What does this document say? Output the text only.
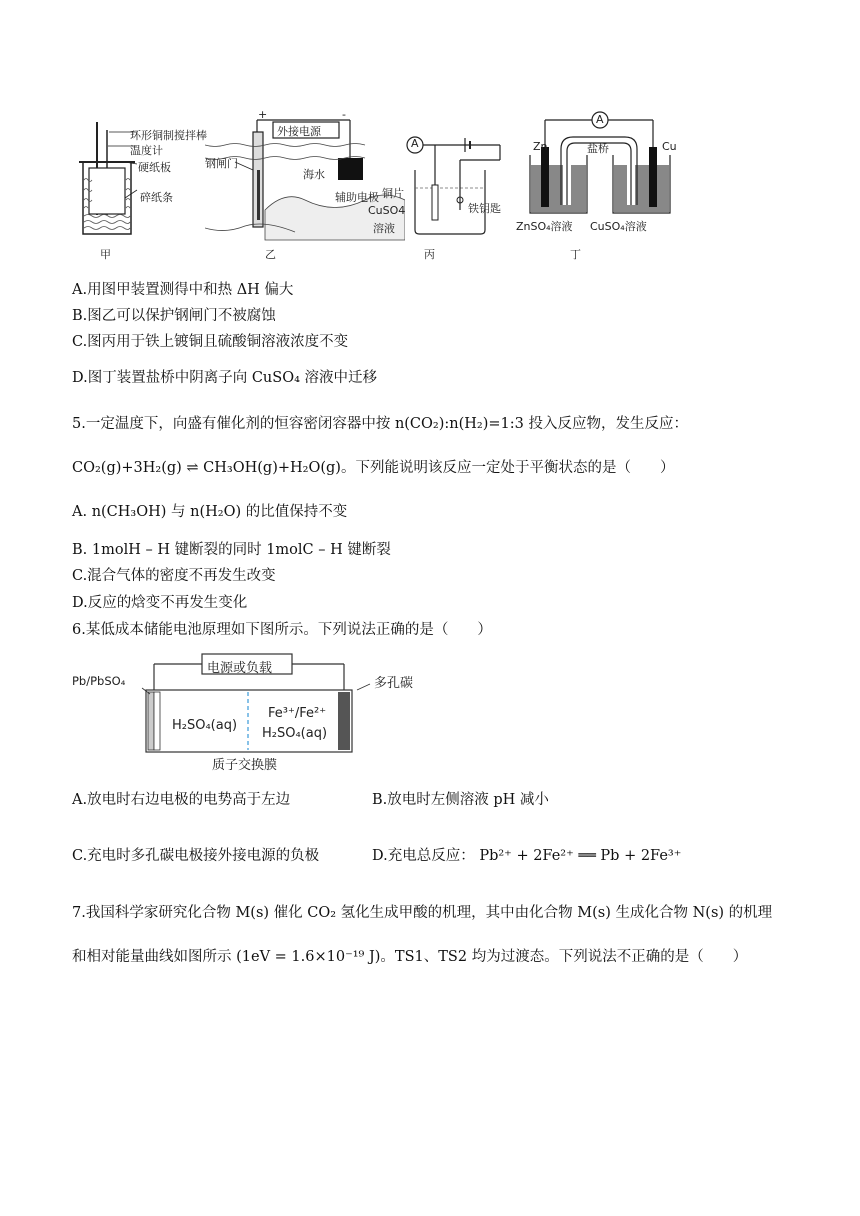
环形铜制搅拌棒
温度计
硬纸板
碎纸条
甲
+	-
外接电源
钢闸门
海水
辅助电极
乙
A
铜片
CuSO4
溶液
铁钥匙
丙
A
Zn	盐桥	Cu
ZnSO₄溶液 CuSO₄溶液
丁
A.用图甲装置测得中和热 ΔH 偏大
B.图乙可以保护钢闸门不被腐蚀
C.图丙用于铁上镀铜且硫酸铜溶液浓度不变
D.图丁装置盐桥中阴离子向 CuSO₄ 溶液中迁移
5.一定温度下，向盛有催化剂的恒容密闭容器中按 n(CO₂):n(H₂)=1:3 投入反应物，发生反应：
CO₂(g)+3H₂(g) ⇌ CH₃OH(g)+H₂O(g)。下列能说明该反应一定处于平衡状态的是（　　）
A. n(CH₃OH) 与 n(H₂O) 的比值保持不变
B. 1molH – H 键断裂的同时 1molC – H 键断裂
C.混合气体的密度不再发生改变
D.反应的焓变不再发生变化
6.某低成本储能电池原理如下图所示。下列说法正确的是（　　）
电源或负载
Pb/PbSO₄	多孔碳
H₂SO₄(aq)
Fe³⁺/Fe²⁺
H₂SO₄(aq)
质子交换膜
A.放电时右边电极的电势高于左边	B.放电时左侧溶液 pH 减小
C.充电时多孔碳电极接外接电源的负极	D.充电总反应： Pb²⁺ + 2Fe²⁺ ══ Pb + 2Fe³⁺
7.我国科学家研究化合物 M(s) 催化 CO₂ 氢化生成甲酸的机理，其中由化合物 M(s) 生成化合物 N(s) 的机理
和相对能量曲线如图所示 (1eV = 1.6×10⁻¹⁹ J)。TS1、TS2 均为过渡态。下列说法不正确的是（　　）
